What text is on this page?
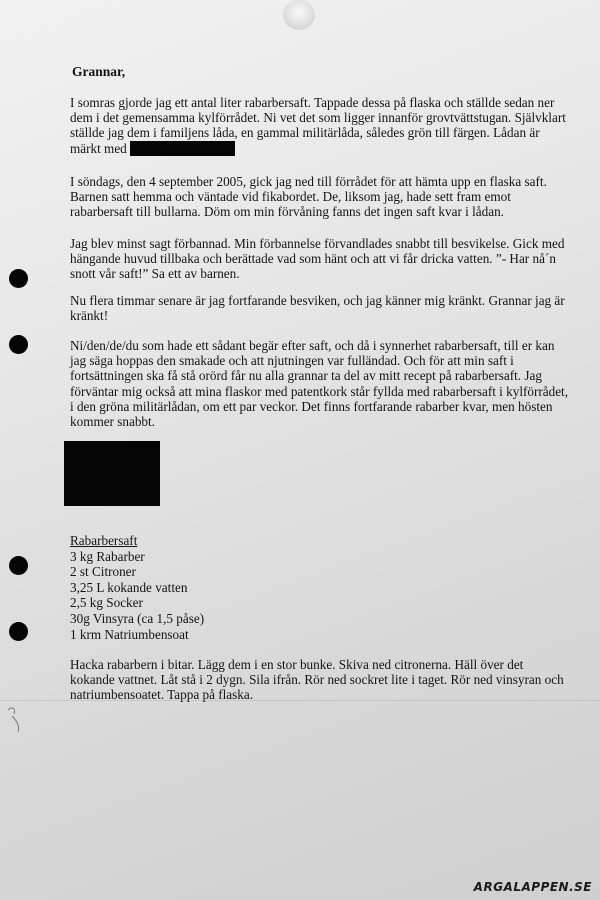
Grannar,
I somras gjorde jag ett antal liter rabarbersaft. Tappade dessa på flaska och ställde sedan ner
dem i det gemensamma kylförrådet. Ni vet det som ligger innanför grovtvättstugan. Självklart
ställde jag dem i familjens låda, en gammal militärlåda, således grön till färgen. Lådan är
märkt med
I söndags, den 4 september 2005, gick jag ned till förrådet för att hämta upp en flaska saft.
Barnen satt hemma och väntade vid fikabordet. De, liksom jag, hade sett fram emot
rabarbersaft till bullarna. Döm om min förvåning fanns det ingen saft kvar i lådan.
Jag blev minst sagt förbannad. Min förbannelse förvandlades snabbt till besvikelse. Gick med
hängande huvud tillbaka och berättade vad som hänt och att vi får dricka vatten. ”- Har nå´n
snott vår saft!” Sa ett av barnen.
Nu flera timmar senare är jag fortfarande besviken, och jag känner mig kränkt. Grannar jag är
kränkt!
Ni/den/de/du som hade ett sådant begär efter saft, och då i synnerhet rabarbersaft, till er kan
jag säga hoppas den smakade och att njutningen var fulländad. Och för att min saft i
fortsättningen ska få stå orörd får nu alla grannar ta del av mitt recept på rabarbersaft. Jag
förväntar mig också att mina flaskor med patentkork står fyllda med rabarbersaft i kylförrådet,
i den gröna militärlådan, om ett par veckor. Det finns fortfarande rabarber kvar, men hösten
kommer snabbt.
Rabarbersaft
3 kg Rabarber
2 st Citroner
3,25 L kokande vatten
2,5 kg Socker
30g Vinsyra (ca 1,5 påse)
1 krm Natriumbensoat
Hacka rabarbern i bitar. Lägg dem i en stor bunke. Skiva ned citronerna. Häll över det
kokande vattnet. Låt stå i 2 dygn. Sila ifrån. Rör ned sockret lite i taget. Rör ned vinsyran och
natriumbensoatet. Tappa på flaska.
ARGALAPPEN.SE
